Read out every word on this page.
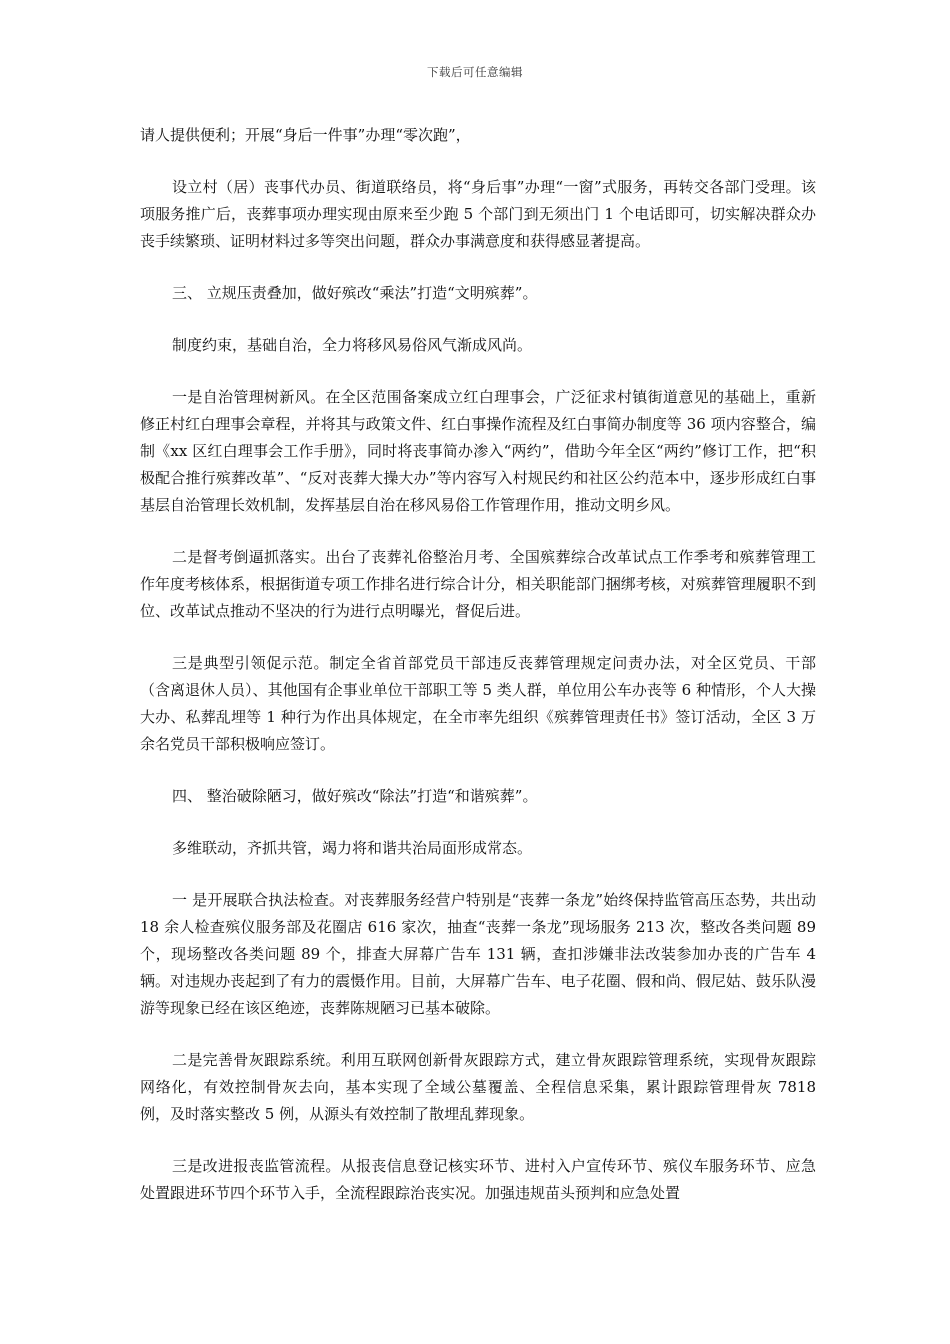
下载后可任意编辑

请人提供便利；开展“身后一件事”办理“零次跑”，

设立村（居）丧事代办员、街道联络员，将“身后事”办理“一窗”式服务，再转交各部门受理。该项服务推广后，丧葬事项办理实现由原来至少跑 5 个部门到无须出门 1 个电话即可，切实解决群众办丧手续繁琐、证明材料过多等突出问题，群众办事满意度和获得感显著提高。

三、 立规压责叠加，做好殡改“乘法”打造“文明殡葬”。

制度约束，基础自治，全力将移风易俗风气渐成风尚。

一是自治管理树新风。在全区范围备案成立红白理事会，广泛征求村镇街道意见的基础上，重新修正村红白理事会章程，并将其与政策文件、红白事操作流程及红白事简办制度等 36 项内容整合，编制《xx 区红白理事会工作手册》，同时将丧事简办渗入“两约”，借助今年全区“两约”修订工作，把“积极配合推行殡葬改革”、“反对丧葬大操大办”等内容写入村规民约和社区公约范本中，逐步形成红白事基层自治管理长效机制，发挥基层自治在移风易俗工作管理作用，推动文明乡风。

二是督考倒逼抓落实。出台了丧葬礼俗整治月考、全国殡葬综合改革试点工作季考和殡葬管理工作年度考核体系，根据街道专项工作排名进行综合计分，相关职能部门捆绑考核，对殡葬管理履职不到位、改革试点推动不坚决的行为进行点明曝光，督促后进。

三是典型引领促示范。制定全省首部党员干部违反丧葬管理规定问责办法，对全区党员、干部（含离退休人员）、其他国有企事业单位干部职工等 5 类人群，单位用公车办丧等 6 种情形，个人大操大办、私葬乱埋等 1 种行为作出具体规定，在全市率先组织《殡葬管理责任书》签订活动，全区 3 万余名党员干部积极响应签订。

四、 整治破除陋习，做好殡改“除法”打造“和谐殡葬”。

多维联动，齐抓共管，竭力将和谐共治局面形成常态。

一 是开展联合执法检查。对丧葬服务经营户特别是“丧葬一条龙”始终保持监管高压态势，共出动 18 余人检查殡仪服务部及花圈店 616 家次，抽查“丧葬一条龙”现场服务 213 次，整改各类问题 89 个，现场整改各类问题 89 个，排查大屏幕广告车 131 辆，查扣涉嫌非法改装参加办丧的广告车 4 辆。对违规办丧起到了有力的震慑作用。目前，大屏幕广告车、电子花圈、假和尚、假尼姑、鼓乐队漫游等现象已经在该区绝迹，丧葬陈规陋习已基本破除。

二是完善骨灰跟踪系统。利用互联网创新骨灰跟踪方式，建立骨灰跟踪管理系统，实现骨灰跟踪网络化，有效控制骨灰去向，基本实现了全域公墓覆盖、全程信息采集，累计跟踪管理骨灰 7818 例，及时落实整改 5 例，从源头有效控制了散埋乱葬现象。

三是改进报丧监管流程。从报丧信息登记核实环节、进村入户宣传环节、殡仪车服务环节、应急处置跟进环节四个环节入手，全流程跟踪治丧实况。加强违规苗头预判和应急处置
